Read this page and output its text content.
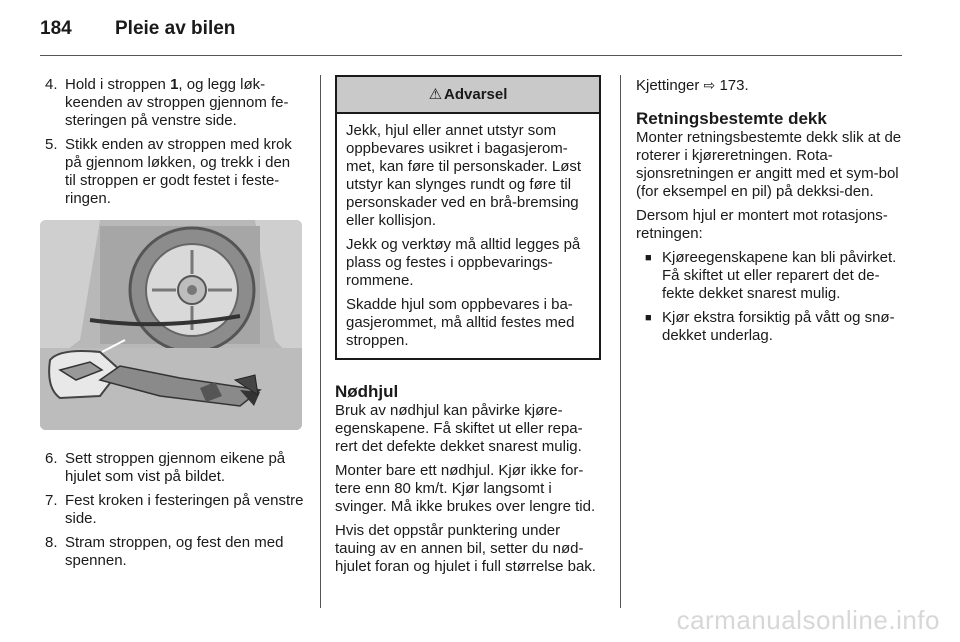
184	Pleie av bilen
4. Hold i stroppen 1, og legg løk-keenden av stroppen gjennom fe-steringen på venstre side.
5. Stikk enden av stroppen med krok på gjennom løkken, og trekk i den til stroppen er godt festet i feste-ringen.
6. Sett stroppen gjennom eikene på hjulet som vist på bildet.
7. Fest kroken i festeringen på venstre side.
8. Stram stroppen, og fest den med spennen.
⚠ Advarsel

Jekk, hjul eller annet utstyr som oppbevares usikret i bagasjerom-met, kan føre til personskader. Løst utstyr kan slynges rundt og føre til personskader ved en brå-bremsing eller kollisjon.

Jekk og verktøy må alltid legges på plass og festes i oppbevarings-rommene.

Skadde hjul som oppbevares i ba-gasjerommet, må alltid festes med stroppen.

Nødhjul

Bruk av nødhjul kan påvirke kjøre-egenskapene. Få skiftet ut eller repa-rert det defekte dekket snarest mulig.

Monter bare ett nødhjul. Kjør ikke for-tere enn 80 km/t. Kjør langsomt i svinger. Må ikke brukes over lengre tid.

Hvis det oppstår punktering under tauing av en annen bil, setter du nød-hjulet foran og hjulet i full størrelse bak.

Kjettinger ⇨ 173.

Retningsbestemte dekk

Monter retningsbestemte dekk slik at de roterer i kjøreretningen. Rota-sjonsretningen er angitt med et sym-bol (for eksempel en pil) på dekksi-den.

Dersom hjul er montert mot rotasjons-retningen:

■ Kjøreegenskapene kan bli påvirket. Få skiftet ut eller reparert det de-fekte dekket snarest mulig.
■ Kjør ekstra forsiktig på vått og snø-dekket underlag.
carmanualsonline.info
